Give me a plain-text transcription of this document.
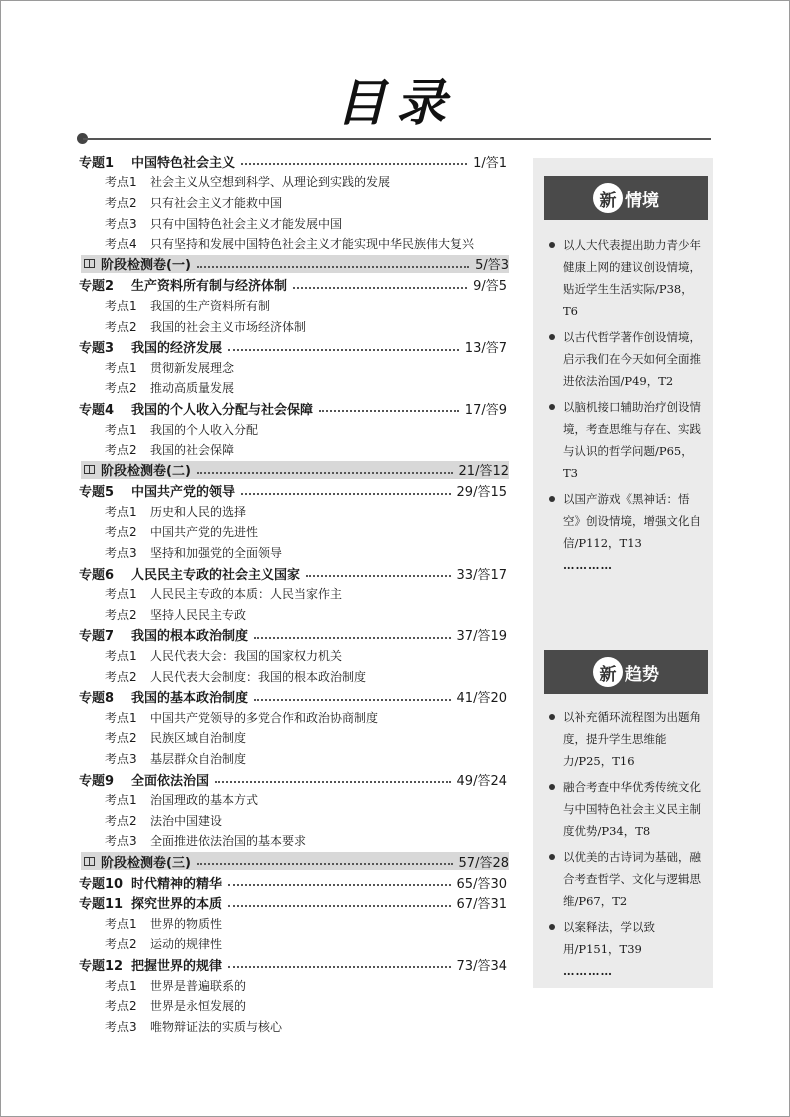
目录
专题1	中国特色社会主义	1/答1
考点1	社会主义从空想到科学、从理论到实践的发展
考点2	只有社会主义才能救中国
考点3	只有中国特色社会主义才能发展中国
考点4	只有坚持和发展中国特色社会主义才能实现中华民族伟大复兴
阶段检测卷(一)	5/答3
专题2	生产资料所有制与经济体制	9/答5
考点1	我国的生产资料所有制
考点2	我国的社会主义市场经济体制
专题3	我国的经济发展	13/答7
考点1	贯彻新发展理念
考点2	推动高质量发展
专题4	我国的个人收入分配与社会保障	17/答9
考点1	我国的个人收入分配
考点2	我国的社会保障
阶段检测卷(二)	21/答12
专题5	中国共产党的领导	29/答15
考点1	历史和人民的选择
考点2	中国共产党的先进性
考点3	坚持和加强党的全面领导
专题6	人民民主专政的社会主义国家	33/答17
考点1	人民民主专政的本质：人民当家作主
考点2	坚持人民民主专政
专题7	我国的根本政治制度	37/答19
考点1	人民代表大会：我国的国家权力机关
考点2	人民代表大会制度：我国的根本政治制度
专题8	我国的基本政治制度	41/答20
考点1	中国共产党领导的多党合作和政治协商制度
考点2	民族区域自治制度
考点3	基层群众自治制度
专题9	全面依法治国	49/答24
考点1	治国理政的基本方式
考点2	法治中国建设
考点3	全面推进依法治国的基本要求
阶段检测卷(三)	57/答28
专题10 时代精神的精华	65/答30
专题11 探究世界的本质	67/答31
考点1	世界的物质性
考点2	运动的规律性
专题12 把握世界的规律	73/答34
考点1	世界是普遍联系的
考点2	世界是永恒发展的
考点3	唯物辩证法的实质与核心
新 情境
以人大代表提出助力青少年健康上网的建议创设情境，贴近学生生活实际/P38，T6
以古代哲学著作创设情境，启示我们在今天如何全面推进依法治国/P49，T2
以脑机接口辅助治疗创设情境，考查思维与存在、实践与认识的哲学问题/P65，T3
以国产游戏《黑神话：悟空》创设情境，增强文化自信/P112，T13
…………
新 趋势
以补充循环流程图为出题角度，提升学生思维能力/P25，T16
融合考查中华优秀传统文化与中国特色社会主义民主制度优势/P34，T8
以优美的古诗词为基础，融合考查哲学、文化与逻辑思维/P67，T2
以案释法，学以致用/P151，T39
…………
